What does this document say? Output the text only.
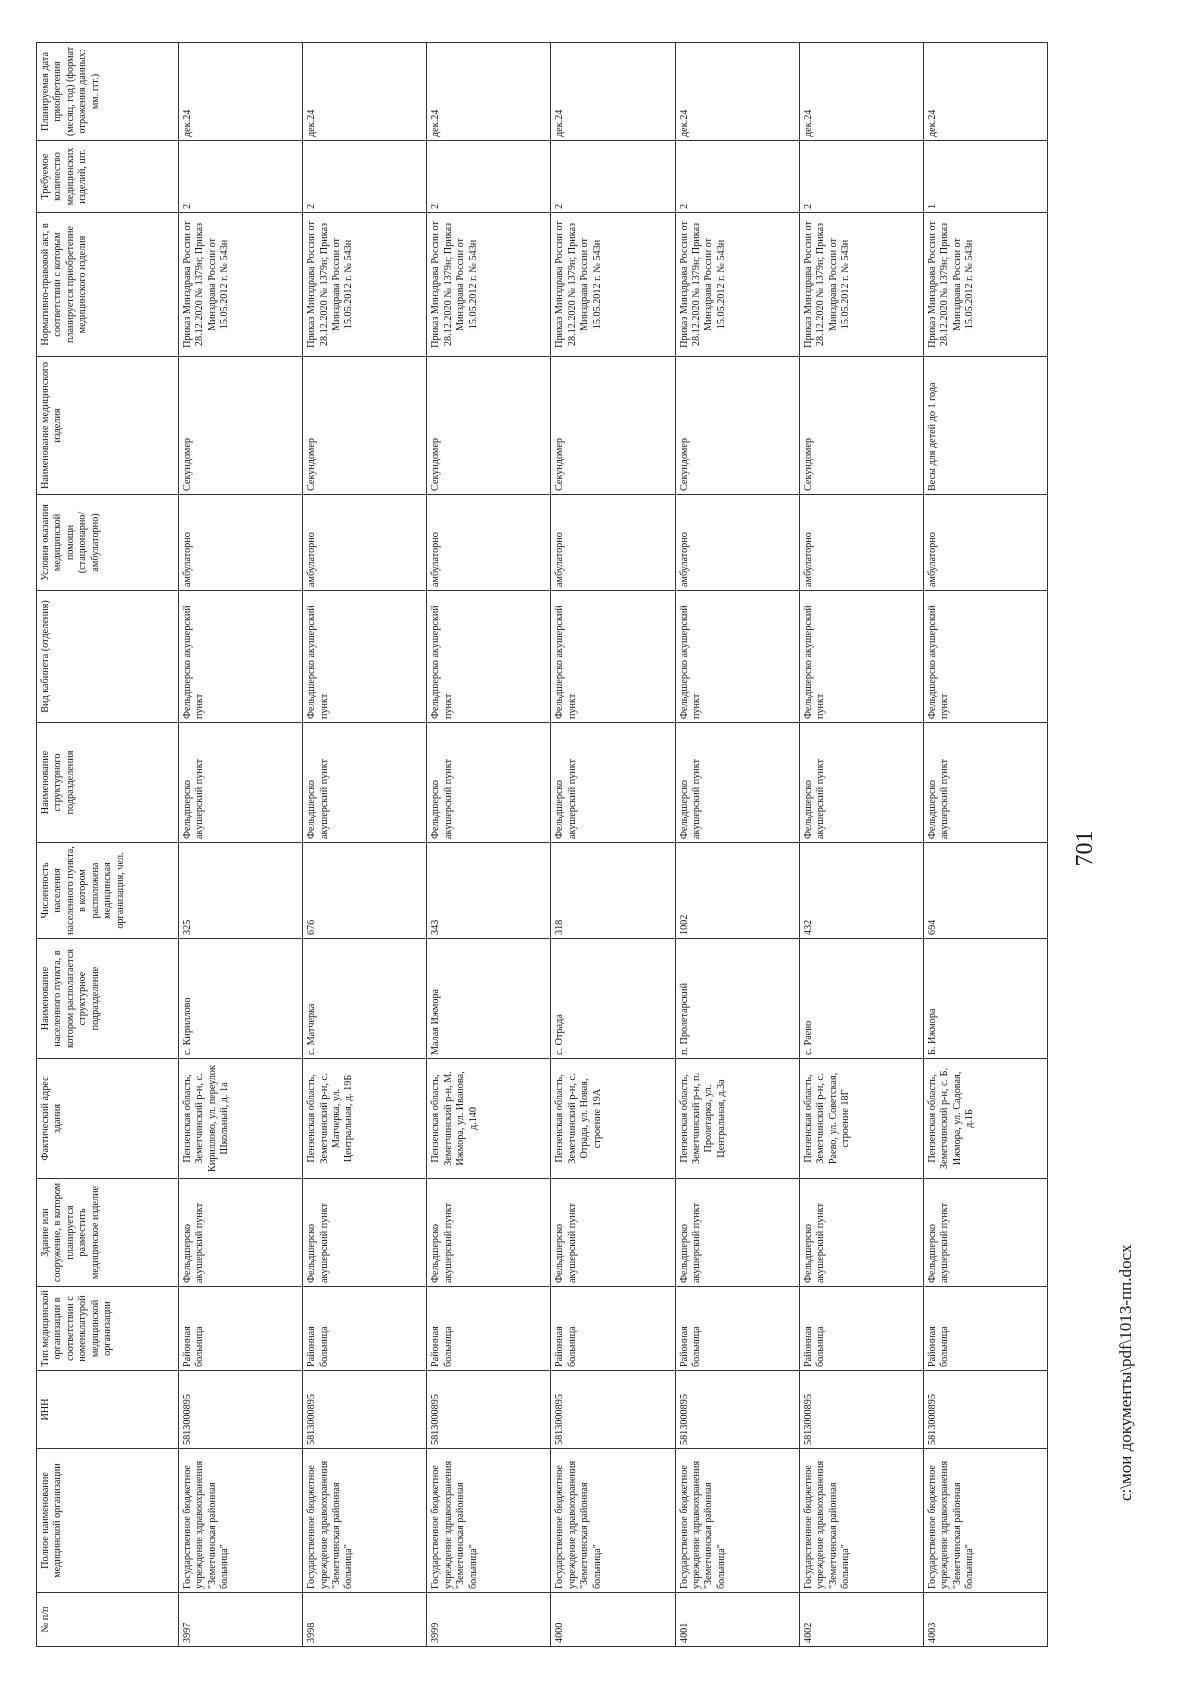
701
№ п/п	Полное наименование медицинской организации	ИНН	Тип медицинской организации в соответствии с номенклатурой медицинской организации	Здание или сооружение, в котором планируется разместить медицинское изделие	Фактический адрес здания	Наименование населенного пункта, в котором располагается структурное подразделение	Численность населения населенного пункта, в котором расположена медицинская организация, чел.	Наименование структурного подразделения	Вид кабинета (отделения)	Условия оказания медицинской помощи (стационарно/ амбулаторно)	Наименование медицинского изделия	Нормативно-правовой акт, в соответствии с которым планируется приобретение медицинского изделия	Требуемое количество медицинских изделий, шт.	Планируемая дата приобретения (месяц, год) (формат отражения данных: мм. ггг.)
3997	Государственное бюджетное учреждение здравоохранения "Земетчинская районная больница"	5813000895	Районная больница	Фельдшерско акушерский пункт	Пензенская область, Земетчинский р-н, с. Кириллово, ул. переулок Школьный, д. 1а	с. Кириллово	325	Фельдшерско акушерский пункт	Фельдшерско акушерский пункт	амбулаторно	Секундомер	Приказ Минздрава России от 28.12.2020 № 1379н; Приказ Минздрава России от 15.05.2012 г. № 543н	2	дек.24
3998	Государственное бюджетное учреждение здравоохранения "Земетчинская районная больница"	5813000895	Районная больница	Фельдшерско акушерский пункт	Пензенская область, Земетчинский р-н, с. Матчерка, ул. Центральная, д. 19Б	с. Матчерка	676	Фельдшерско акушерский пункт	Фельдшерско акушерский пункт	амбулаторно	Секундомер	Приказ Минздрава России от 28.12.2020 № 1379н; Приказ Минздрава России от 15.05.2012 г. № 543н	2	дек.24
3999	Государственное бюджетное учреждение здравоохранения "Земетчинская районная больница"	5813000895	Районная больница	Фельдшерско акушерский пункт	Пензенская область, Земетчинский р-н, М. Ижмора, ул. Иванова, д.140	Малая Ижмора	343	Фельдшерско акушерский пункт	Фельдшерско акушерский пункт	амбулаторно	Секундомер	Приказ Минздрава России от 28.12.2020 № 1379н; Приказ Минздрава России от 15.05.2012 г. № 543н	2	дек.24
4000	Государственное бюджетное учреждение здравоохранения "Земетчинская районная больница"	5813000895	Районная больница	Фельдшерско акушерский пункт	Пензенская область, Земетчинский р-н, с. Отрада, ул. Новая, строение 19А	с. Отрада	318	Фельдшерско акушерский пункт	Фельдшерско акушерский пункт	амбулаторно	Секундомер	Приказ Минздрава России от 28.12.2020 № 1379н; Приказ Минздрава России от 15.05.2012 г. № 543н	2	дек.24
4001	Государственное бюджетное учреждение здравоохранения "Земетчинская районная больница"	5813000895	Районная больница	Фельдшерско акушерский пункт	Пензенская область, Земетчинский р-н, п. Пролетарка, ул. Центральная, д.3а	п. Пролетарский	1002	Фельдшерско акушерский пункт	Фельдшерско акушерский пункт	амбулаторно	Секундомер	Приказ Минздрава России от 28.12.2020 № 1379н; Приказ Минздрава России от 15.05.2012 г. № 543н	2	дек.24
4002	Государственное бюджетное учреждение здравоохранения "Земетчинская районная больница"	5813000895	Районная больница	Фельдшерско акушерский пункт	Пензенская область, Земетчинский р-н, с. Раево, ул. Советская, строение 18Г	с. Раево	432	Фельдшерско акушерский пункт	Фельдшерско акушерский пункт	амбулаторно	Секундомер	Приказ Минздрава России от 28.12.2020 № 1379н; Приказ Минздрава России от 15.05.2012 г. № 543н	2	дек.24
4003	Государственное бюджетное учреждение здравоохранения "Земетчинская районная больница"	5813000895	Районная больница	Фельдшерско акушерский пункт	Пензенская область, Земетчинский р-н, с. Б. Ижмора, ул. Садовая, д.1Б	Б. Ижмора	694	Фельдшерско акушерский пункт	Фельдшерско акушерский пункт	амбулаторно	Весы для детей до 1 года	Приказ Минздрава России от 28.12.2020 № 1379н; Приказ Минздрава России от 15.05.2012 г. № 543н	1	дек.24
c:\мои документы\pdf\1013-пп.docx
